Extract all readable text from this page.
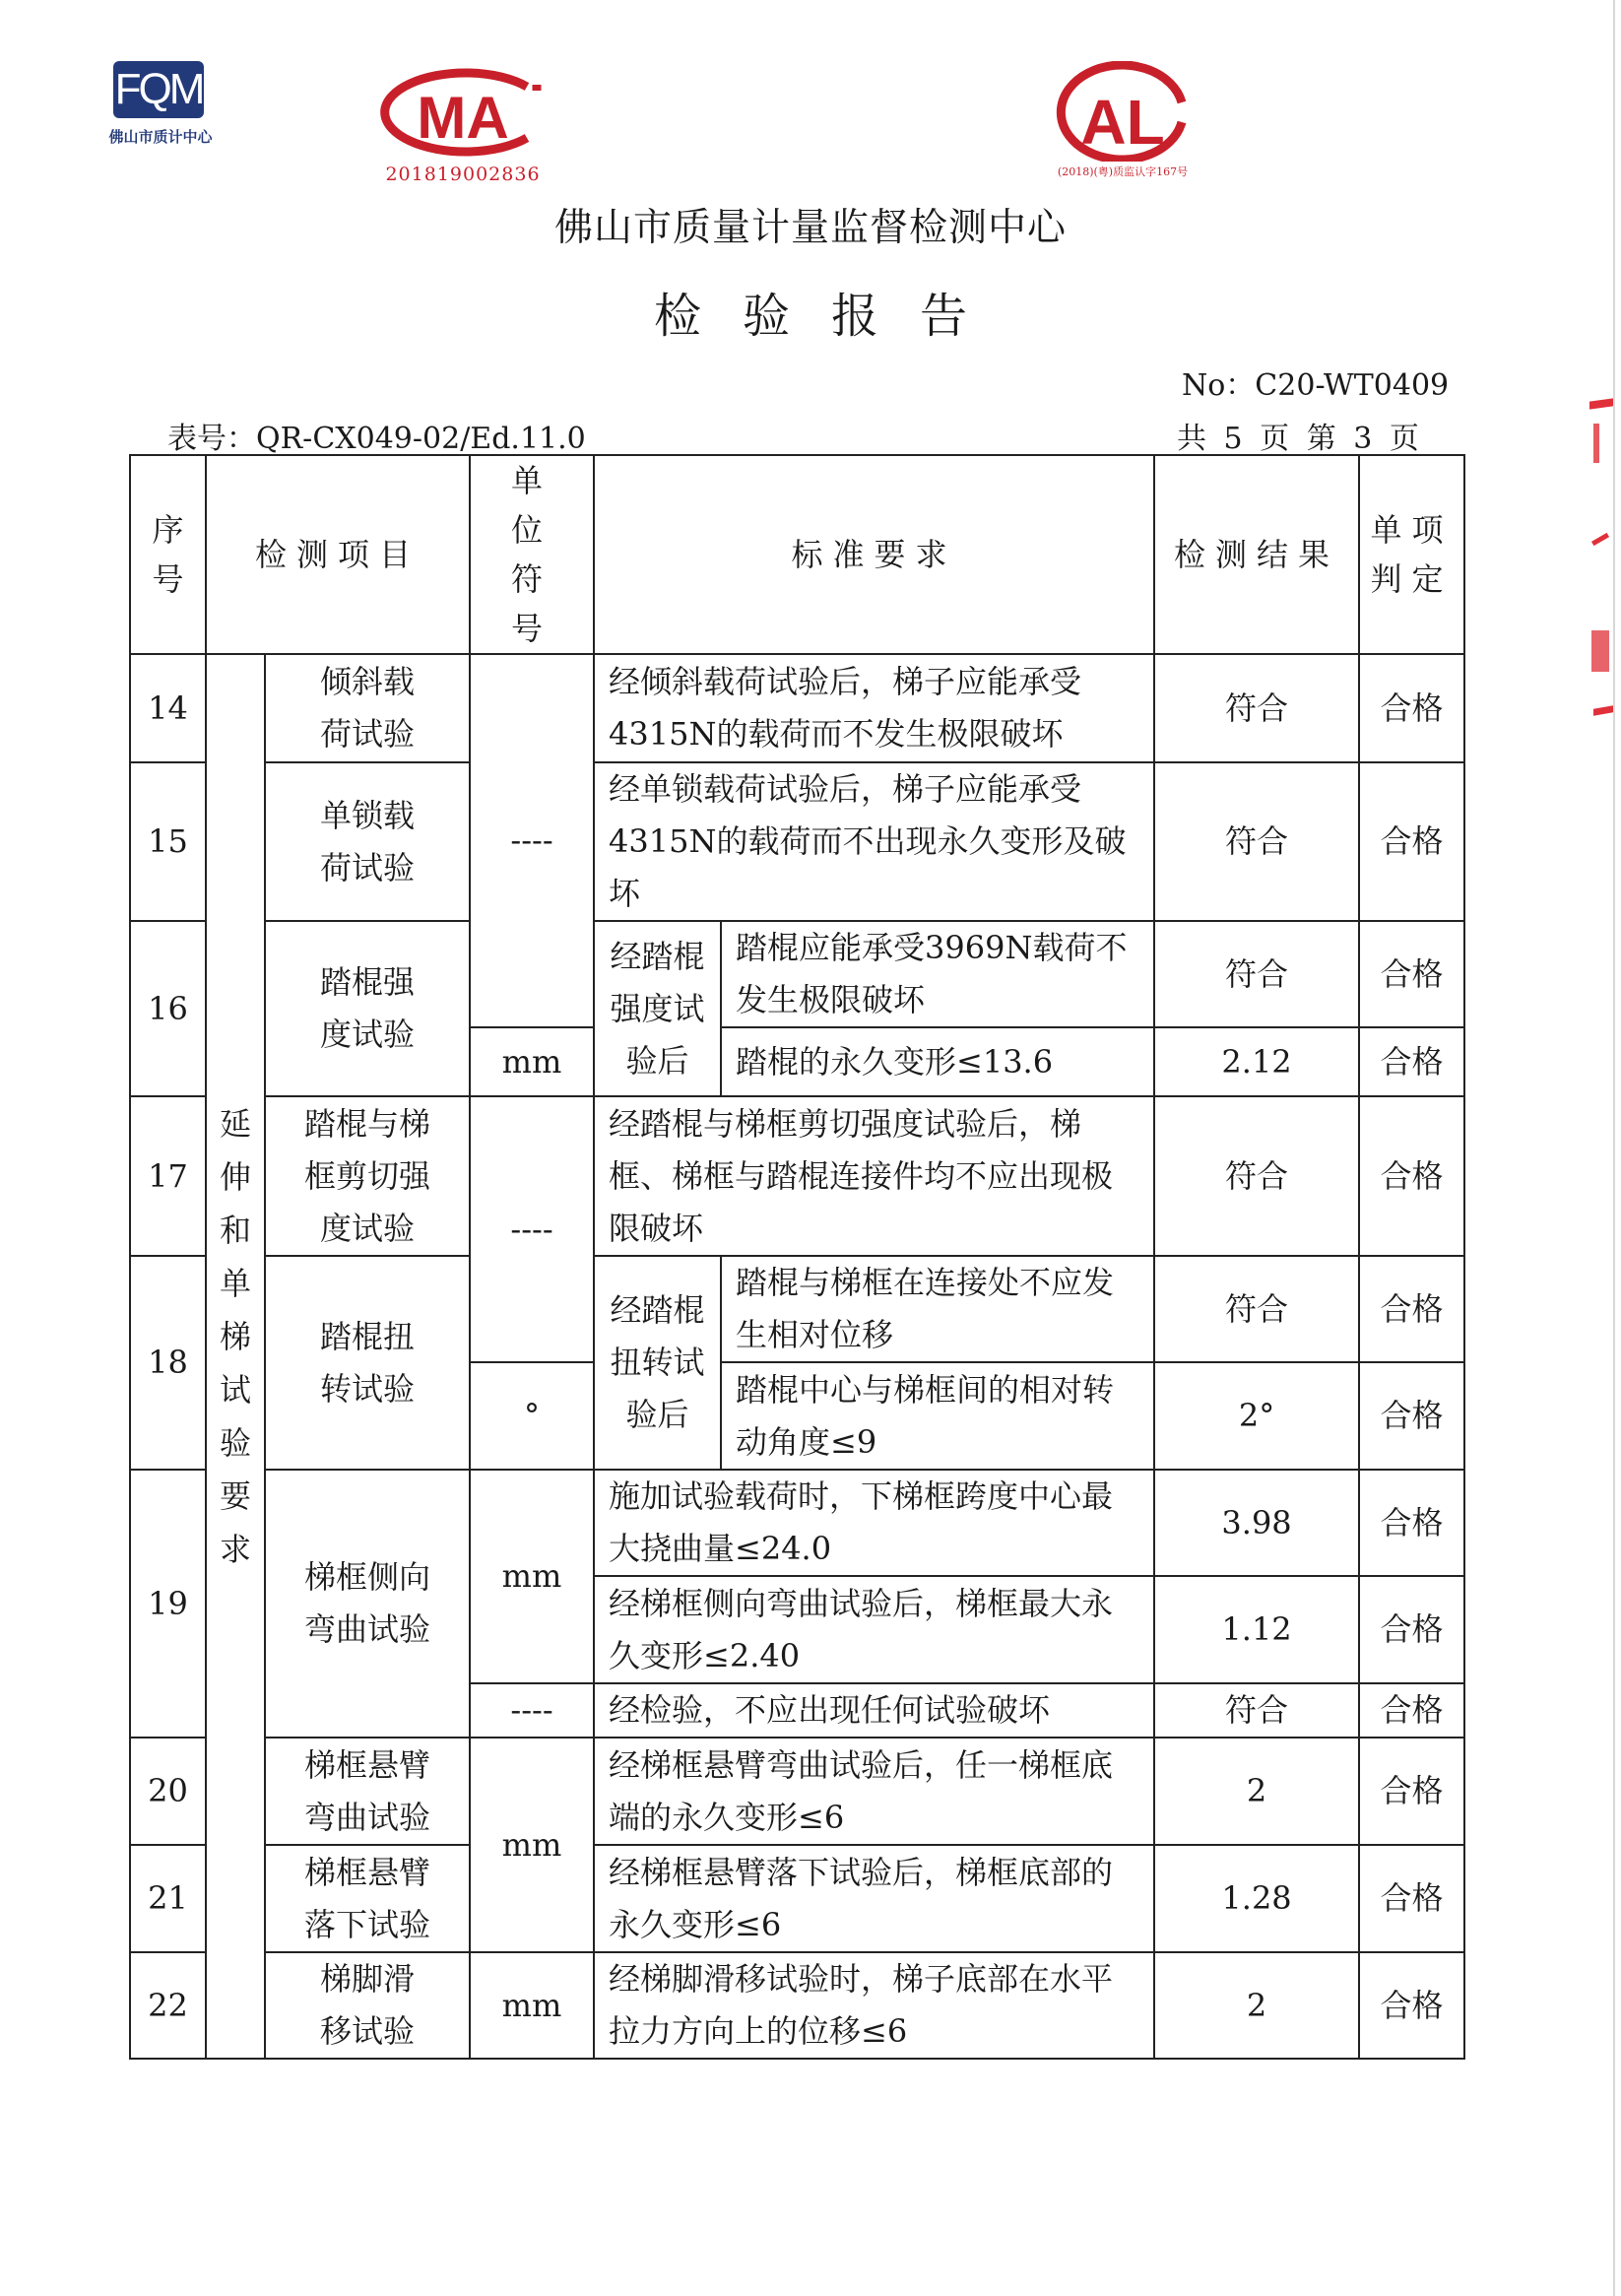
FQM
佛山市质计中心	MA
201819002836
AL
(2018)(粤)质监认字167号
佛山市质量计量监督检测中心
检验报告
No：C20-WT0409
表号：QR-CX049-02/Ed.11.0	共 5 页 第 3 页
序号	检测项目		单位符号	标准要求		检测结果	单项判定
14	延伸和单梯试验要求	倾斜载荷试验	----	经倾斜载荷试验后，梯子应能承受4315N的载荷而不发生极限破坏		符合	合格
15		单锁载荷试验		经单锁载荷试验后，梯子应能承受4315N的载荷而不出现永久变形及破坏		符合	合格
16		踏棍强度试验		经踏棍强度试验后	踏棍应能承受3969N载荷不发生极限破坏	符合	合格
			mm		踏棍的永久变形≤13.6	2.12	合格
17		踏棍与梯框剪切强度试验	----	经踏棍与梯框剪切强度试验后，梯框、梯框与踏棍连接件均不应出现极限破坏		符合	合格
18		踏棍扭转试验		经踏棍扭转试验后	踏棍与梯框在连接处不应发生相对位移	符合	合格
			°		踏棍中心与梯框间的相对转动角度≤9	2°	合格
19		梯框侧向弯曲试验	mm	施加试验载荷时，下梯框跨度中心最大挠曲量≤24.0		3.98	合格
				经梯框侧向弯曲试验后，梯框最大永久变形≤2.40		1.12	合格
			----	经检验，不应出现任何试验破坏		符合	合格
20		梯框悬臂弯曲试验	mm	经梯框悬臂弯曲试验后，任一梯框底端的永久变形≤6		2	合格
21		梯框悬臂落下试验		经梯框悬臂落下试验后，梯框底部的永久变形≤6		1.28	合格
22		梯脚滑移试验	mm	经梯脚滑移试验时，梯子底部在水平拉力方向上的位移≤6		2	合格
